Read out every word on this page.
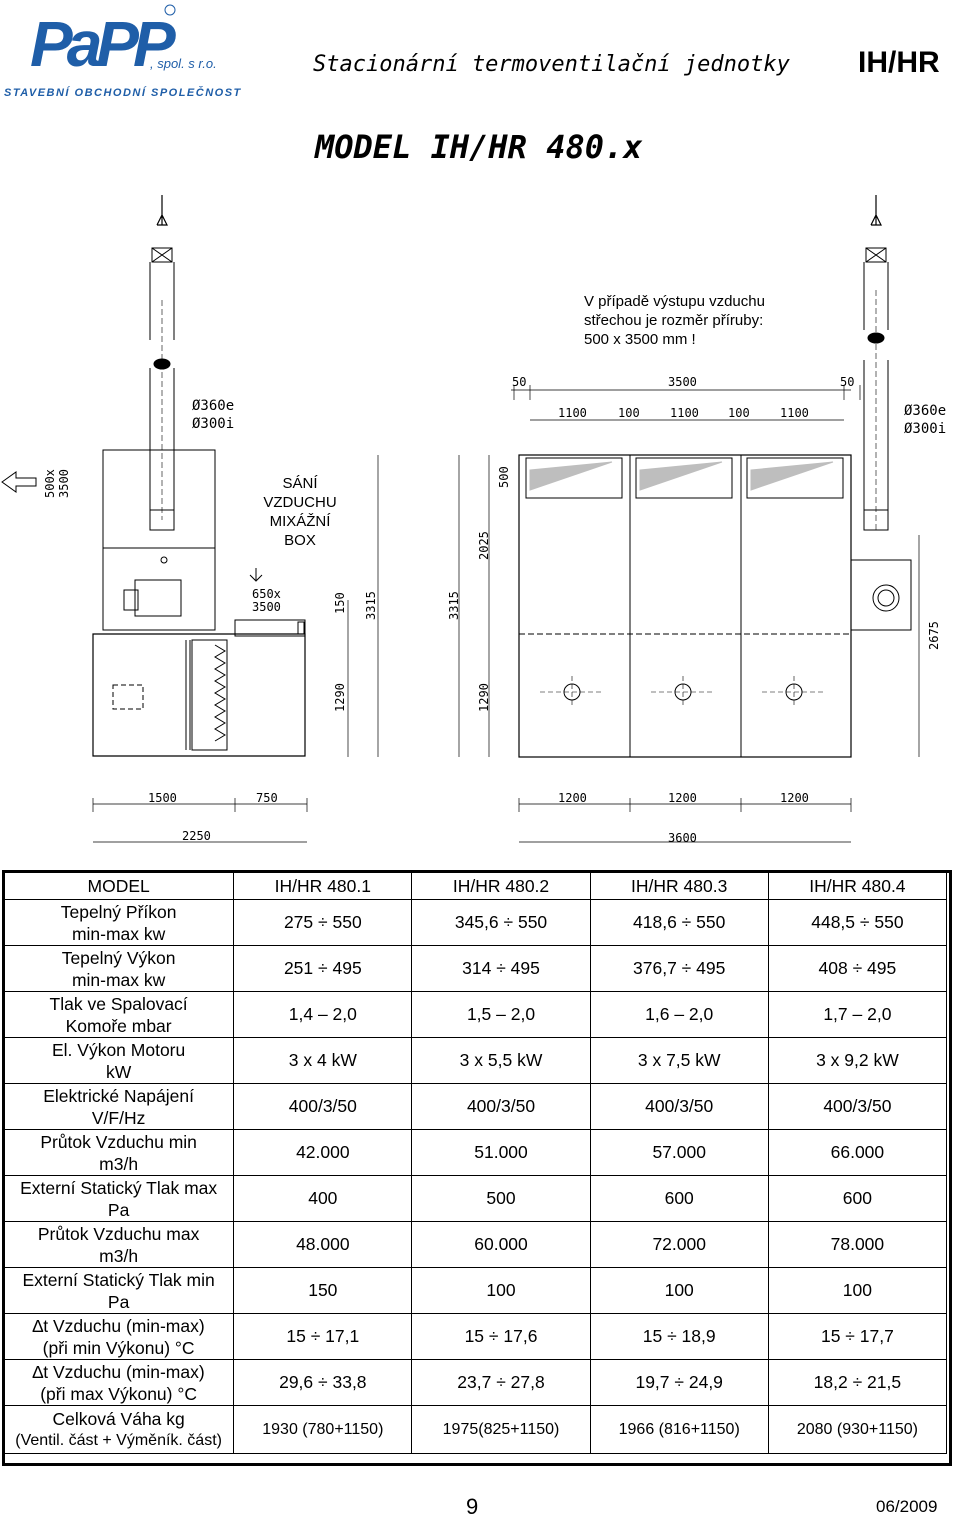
PaPP
, spol. s r.o.
STAVEBNÍ OBCHODNÍ SPOLEČNOST
Stacionární termoventilační jednotky IH/HR
MODEL IH/HR 480.x
Ø360e
Ø300i
Ø360e
Ø300i
50	3500	50
1100	100	1100 100	1100
1500	750
2250
1200	1200	1200
3600
650x
3500
500x 3500
150 3315
1290
3315
1290
500
2025
2675
V případě výstupu vzduchu
střechou je rozměr příruby:
500 x 3500 mm !
SÁNÍ
VZDUCHU
MIXÁŽNÍ
BOX
MODEL	IH/HR 480.1	IH/HR 480.2	IH/HR 480.3	IH/HR 480.4

Tepelný Příkon
min-max kw	275 ÷ 550	345,6 ÷ 550	418,6 ÷ 550	448,5 ÷ 550

Tepelný Výkon
min-max kw	251 ÷ 495	314 ÷ 495	376,7 ÷ 495	408 ÷ 495

Tlak ve Spalovací
Komoře mbar	1,4 – 2,0	1,5 – 2,0	1,6 – 2,0	1,7 – 2,0

El. Výkon Motoru
kW	3 x 4 kW	3 x 5,5 kW	3 x 7,5 kW	3 x 9,2 kW

Elektrické Napájení
V/F/Hz	400/3/50	400/3/50	400/3/50	400/3/50

Průtok Vzduchu min
m3/h	42.000	51.000	57.000	66.000

Externí Statický Tlak max
Pa	400	500	600	600

Průtok Vzduchu max
m3/h	48.000	60.000	72.000	78.000

Externí Statický Tlak min
Pa	150	100	100	100

∆t Vzduchu (min-max)
(při min Výkonu) °C	15 ÷ 17,1	15 ÷ 17,6	15 ÷ 18,9	15 ÷ 17,7

∆t Vzduchu (min-max)
(při max Výkonu) °C	29,6 ÷ 33,8	23,7 ÷ 27,8	19,7 ÷ 24,9	18,2 ÷ 21,5

Celková Váha kg
(Ventil. část + Výměník. část)	1930 (780+1150)	1975(825+1150)	1966 (816+1150)	2080 (930+1150)
9	06/2009
